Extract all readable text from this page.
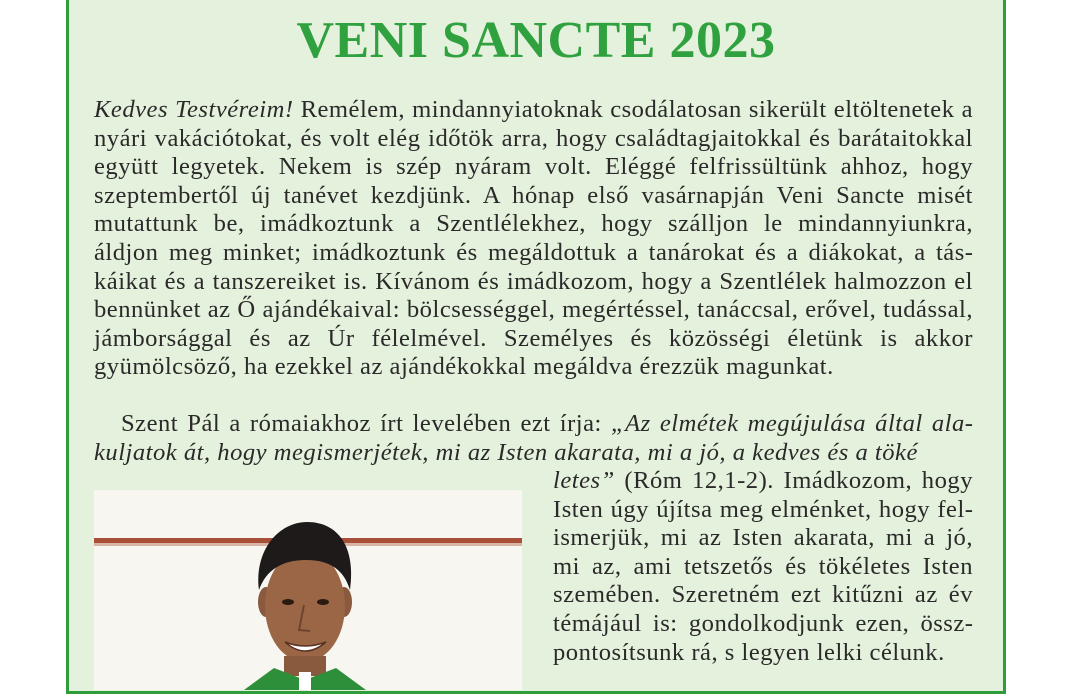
VENI SANCTE 2023

Kedves Testvéreim! Remélem, mindannyiatoknak csodálatosan sikerült eltöltenetek a nyári vakációtokat, és volt elég időtök arra, hogy családtagjaitokkal és barátaitokkal együtt legyetek. Nekem is szép nyáram volt. Eléggé felfrissültünk ahhoz, hogy szeptembertől új tanévet kezdjünk. A hónap első vasárnapján Veni Sancte misét mutattunk be, imádkoztunk a Szentlélekhez, hogy szálljon le mindannyiunkra, áldjon meg minket; imádkoztunk és megáldottuk a tanárokat és a diákokat, a táskáikat és a tanszereiket is. Kívánom és imádkozom, hogy a Szentlélek halmozzon el bennünket az Ő ajándékaival: bölcsességgel, megértéssel, tanáccsal, erővel, tudással, jámborsággal és az Úr félelmével. Személyes és közösségi életünk is akkor gyümölcsöző, ha ezekkel az ajándékokkal megáldva érezzük magunkat.

Szent Pál a rómaiakhoz írt levelében ezt írja: „Az elmétek megújulása által alakuljatok át, hogy megismerjétek, mi az Isten akarata, mi a jó, a kedves és a töké

letes” (Róm 12,1-2). Imádkozom, hogy Isten úgy újítsa meg elménket, hogy felismerjük, mi az Isten akarata, mi a jó, mi az, ami tetszetős és tökéletes Isten szemében. Szeretném ezt kitűzni az év témájául is: gondolkodjunk ezen, össz pontosítsunk rá, s legyen lelki célunk.
